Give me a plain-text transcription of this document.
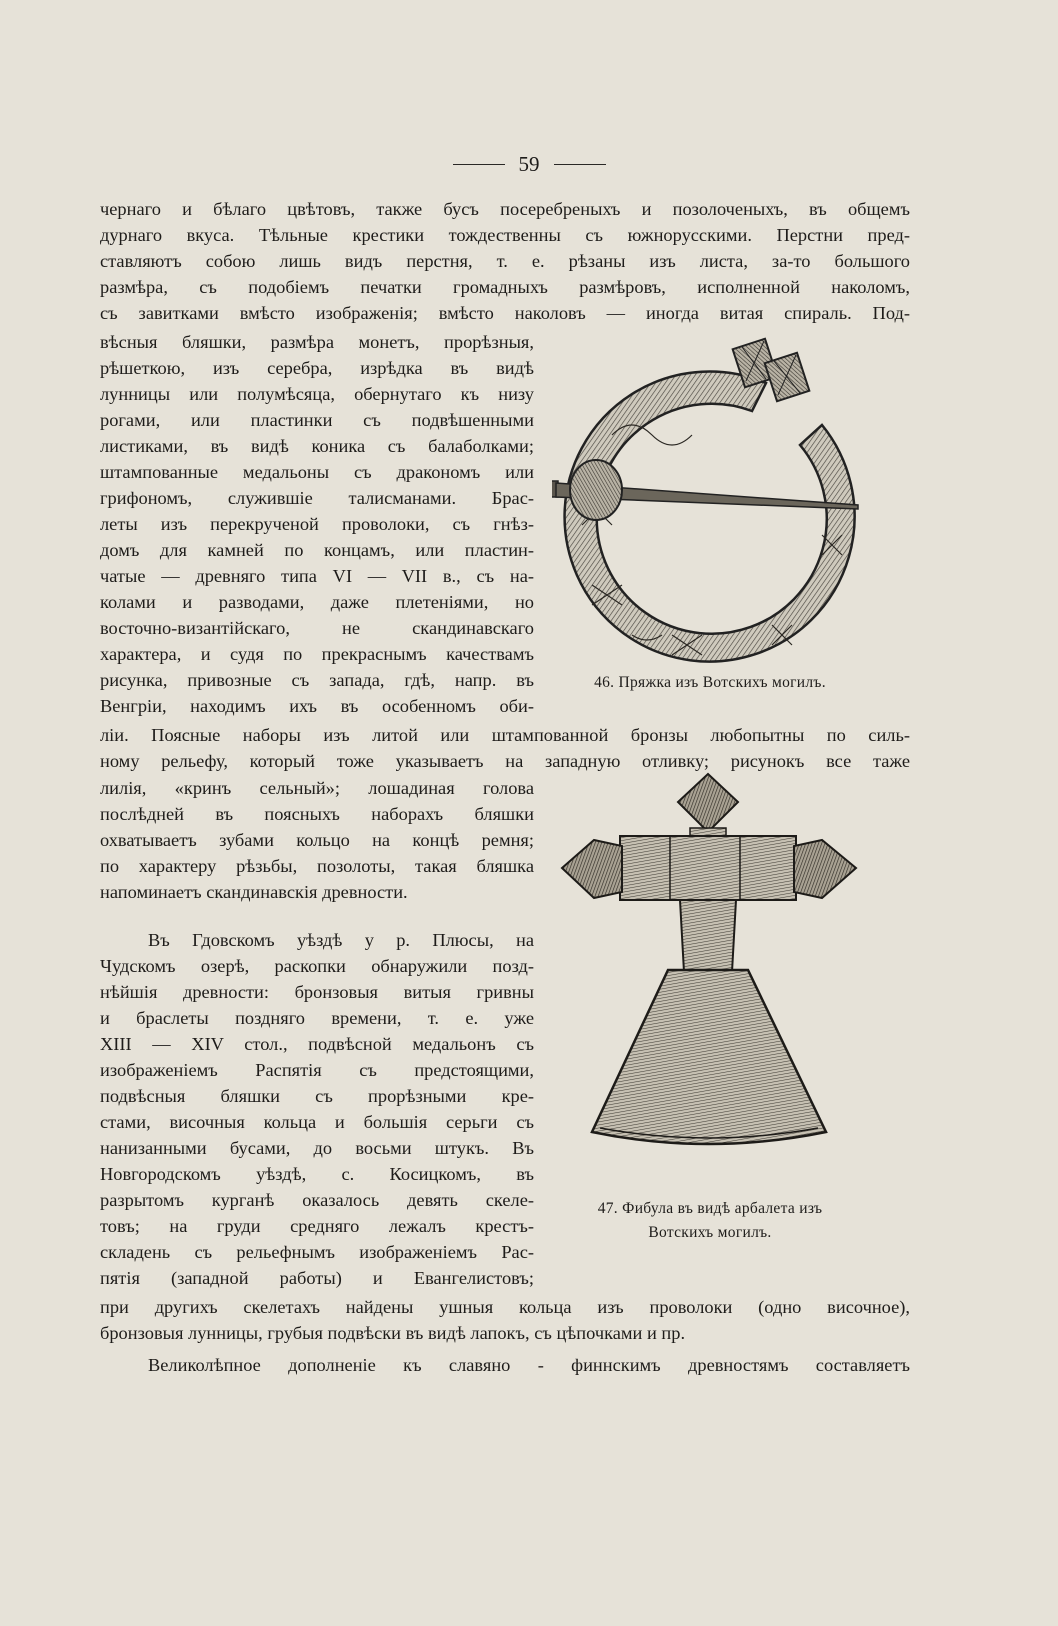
59
чернаго и бѣлаго цвѣтовъ, также бусъ посеребреныхъ и позолоченыхъ, въ общемъ
дурнаго вкуса. Тѣльные крестики тождественны съ южнорусскими. Перстни пред-
ставляютъ собою лишь видъ перстня, т. е. рѣзаны изъ листа, за-то большого
размѣра, съ подобіемъ печатки громадныхъ размѣровъ, исполненной наколомъ,
съ завитками вмѣсто изображенія; вмѣсто наколовъ — иногда витая спираль. Под-
вѣсныя бляшки, размѣра монетъ, прорѣзныя,
рѣшеткою, изъ серебра, изрѣдка въ видѣ
лунницы или полумѣсяца, обернутаго къ низу
рогами, или пластинки съ подвѣшенными
листиками, въ видѣ коника съ балаболками;
штампованные медальоны съ дракономъ или
грифономъ, служившіе талисманами. Брас-
леты изъ перекрученой проволоки, съ гнѣз-
домъ для камней по концамъ, или пластин-
чатые — древняго типа VI — VII в., съ на-
колами и разводами, даже плетеніями, но
восточно-византійскаго, не скандинавскаго
характера, и судя по прекраснымъ качествамъ
рисунка, привозные съ запада, гдѣ, напр. въ
Венгріи, находимъ ихъ въ особенномъ оби-
ліи. Поясные наборы изъ литой или штампованной бронзы любопытны по силь-
ному рельефу, который тоже указываетъ на западную отливку; рисунокъ все таже
лилія, «кринъ сельный»; лошадиная голова
послѣдней въ поясныхъ наборахъ бляшки
охватываетъ зубами кольцо на концѣ ремня;
по характеру рѣзьбы, позолоты, такая бляшка
напоминаетъ скандинавскія древности.
Въ Гдовскомъ уѣздѣ у р. Плюсы, на
Чудскомъ озерѣ, раскопки обнаружили позд-
нѣйшія древности: бронзовыя витыя гривны
и браслеты поздняго времени, т. е. уже
XIII — XIV стол., подвѣсной медальонъ съ
изображеніемъ Распятія съ предстоящими,
подвѣсныя бляшки съ прорѣзными кре-
стами, височныя кольца и большія серьги съ
нанизанными бусами, до восьми штукъ. Въ
Новгородскомъ уѣздѣ, с. Косицкомъ, въ
разрытомъ курганѣ оказалось девять скеле-
товъ; на груди средняго лежалъ крестъ-
складень съ рельефнымъ изображеніемъ Рас-
пятія (западной работы) и Евангелистовъ;
при другихъ скелетахъ найдены ушныя кольца изъ проволоки (одно височное),
бронзовыя лунницы, грубыя подвѣски въ видѣ лапокъ, съ цѣпочками и пр.
Великолѣпное дополненіе къ славяно - финнскимъ древностямъ составляетъ
46. Пряжка изъ Вотскихъ могилъ.
47. Фибула въ видѣ арбалета изъ
Вотскихъ могилъ.
